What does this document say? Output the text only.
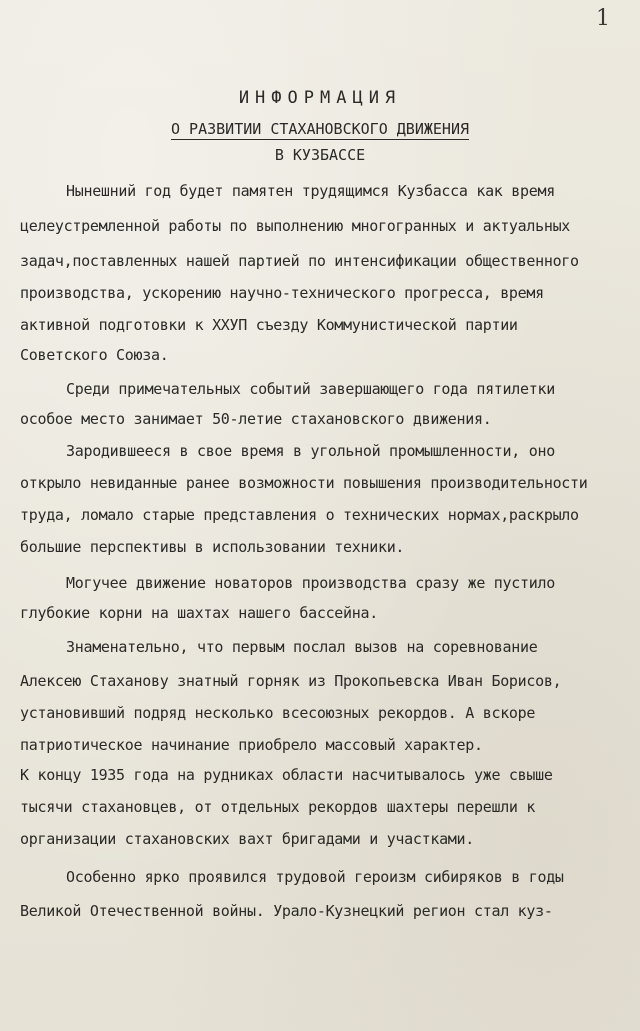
1
ИНФОРМАЦИЯ
О РАЗВИТИИ СТАХАНОВСКОГО ДВИЖЕНИЯ
В КУЗБАССЕ
Нынешний год будет памятен трудящимся Кузбасса как время
целеустремленной работы по выполнению многогранных и актуальных
задач,поставленных нашей партией по интенсификации общественного
производства, ускорению научно-технического прогресса, время
активной подготовки к XXУП съезду Коммунистической партии
Советского Союза.
Среди примечательных событий завершающего года пятилетки
особое место занимает 50-летие стахановского движения.
Зародившееся в свое время в угольной промышленности, оно
открыло невиданные ранее возможности повышения производительности
труда, ломало старые представления о технических нормах,раскрыло
большие перспективы в использовании техники.
Могучее движение новаторов производства сразу же пустило
глубокие корни на шахтах нашего бассейна.
Знаменательно, что первым послал вызов на соревнование
Алексею Стаханову знатный горняк из Прокопьевска Иван Борисов,
установивший подряд несколько всесоюзных рекордов. А вскоре
патриотическое начинание приобрело массовый характер.
К концу 1935 года на рудниках области насчитывалось уже свыше
тысячи стахановцев, от отдельных рекордов шахтеры перешли к
организации стахановских вахт бригадами и участками.
Особенно ярко проявился трудовой героизм сибиряков в годы
Великой Отечественной войны. Урало-Кузнецкий регион стал куз-
